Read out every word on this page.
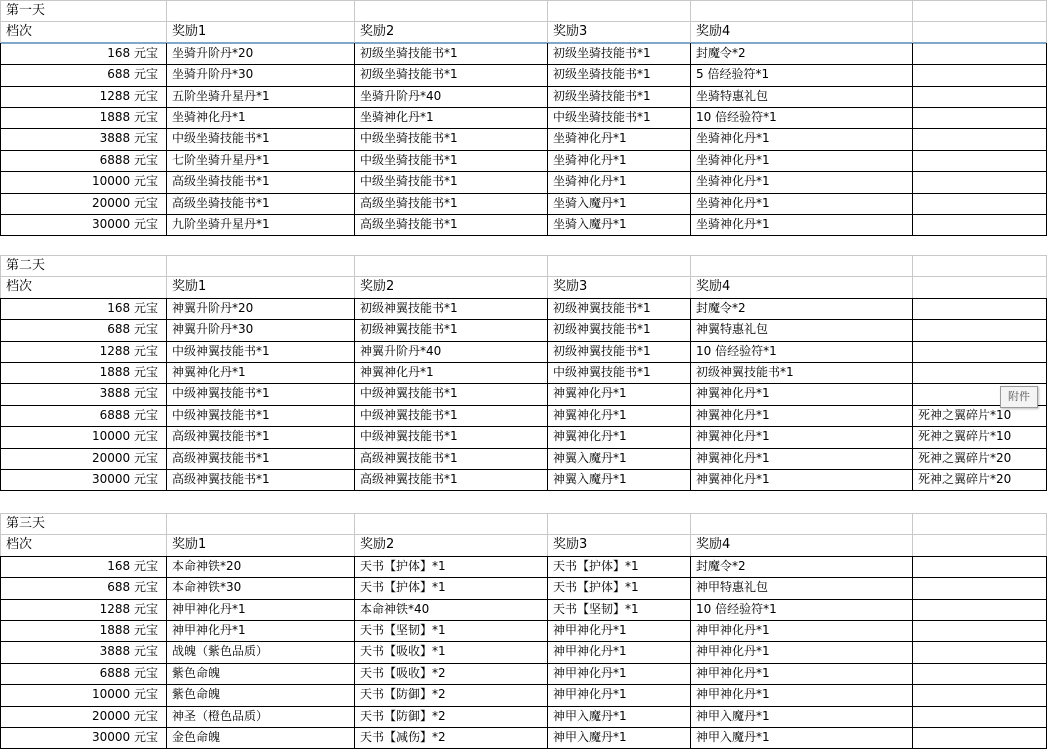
第一天
档次	奖励1	奖励2	奖励3	奖励4
168 元宝	坐骑升阶丹*20	初级坐骑技能书*1	初级坐骑技能书*1	封魔令*2
688 元宝	坐骑升阶丹*30	初级坐骑技能书*1	初级坐骑技能书*1	5 倍经验符*1
1288 元宝	五阶坐骑升星丹*1	坐骑升阶丹*40	初级坐骑技能书*1	坐骑特惠礼包
1888 元宝	坐骑神化丹*1	坐骑神化丹*1	中级坐骑技能书*1	10 倍经验符*1
3888 元宝	中级坐骑技能书*1	中级坐骑技能书*1	坐骑神化丹*1	坐骑神化丹*1
6888 元宝	七阶坐骑升星丹*1	中级坐骑技能书*1	坐骑神化丹*1	坐骑神化丹*1
10000 元宝	高级坐骑技能书*1	中级坐骑技能书*1	坐骑神化丹*1	坐骑神化丹*1
20000 元宝	高级坐骑技能书*1	高级坐骑技能书*1	坐骑入魔丹*1	坐骑神化丹*1
30000 元宝	九阶坐骑升星丹*1	高级坐骑技能书*1	坐骑入魔丹*1	坐骑神化丹*1
第二天
档次	奖励1	奖励2	奖励3	奖励4
168 元宝	神翼升阶丹*20	初级神翼技能书*1	初级神翼技能书*1	封魔令*2
688 元宝	神翼升阶丹*30	初级神翼技能书*1	初级神翼技能书*1	神翼特惠礼包
1288 元宝	中级神翼技能书*1	神翼升阶丹*40	初级神翼技能书*1	10 倍经验符*1
1888 元宝	神翼神化丹*1	神翼神化丹*1	中级神翼技能书*1	初级神翼技能书*1
3888 元宝	中级神翼技能书*1	中级神翼技能书*1	神翼神化丹*1	神翼神化丹*1
6888 元宝	中级神翼技能书*1	中级神翼技能书*1	神翼神化丹*1	神翼神化丹*1	死神之翼碎片*10
10000 元宝	高级神翼技能书*1	中级神翼技能书*1	神翼神化丹*1	神翼神化丹*1	死神之翼碎片*10
20000 元宝	高级神翼技能书*1	高级神翼技能书*1	神翼入魔丹*1	神翼神化丹*1	死神之翼碎片*20
30000 元宝	高级神翼技能书*1	高级神翼技能书*1	神翼入魔丹*1	神翼神化丹*1	死神之翼碎片*20
第三天
档次	奖励1	奖励2	奖励3	奖励4
168 元宝	本命神铁*20	天书【护体】*1	天书【护体】*1	封魔令*2
688 元宝	本命神铁*30	天书【护体】*1	天书【护体】*1	神甲特惠礼包
1288 元宝	神甲神化丹*1	本命神铁*40	天书【坚韧】*1	10 倍经验符*1
1888 元宝	神甲神化丹*1	天书【坚韧】*1	神甲神化丹*1	神甲神化丹*1
3888 元宝	战魄（紫色品质）	天书【吸收】*1	神甲神化丹*1	神甲神化丹*1
6888 元宝	紫色命魄	天书【吸收】*2	神甲神化丹*1	神甲神化丹*1
10000 元宝	紫色命魄	天书【防御】*2	神甲神化丹*1	神甲神化丹*1
20000 元宝	神圣（橙色品质）	天书【防御】*2	神甲入魔丹*1	神甲入魔丹*1
30000 元宝	金色命魄	天书【减伤】*2	神甲入魔丹*1	神甲入魔丹*1
附件
